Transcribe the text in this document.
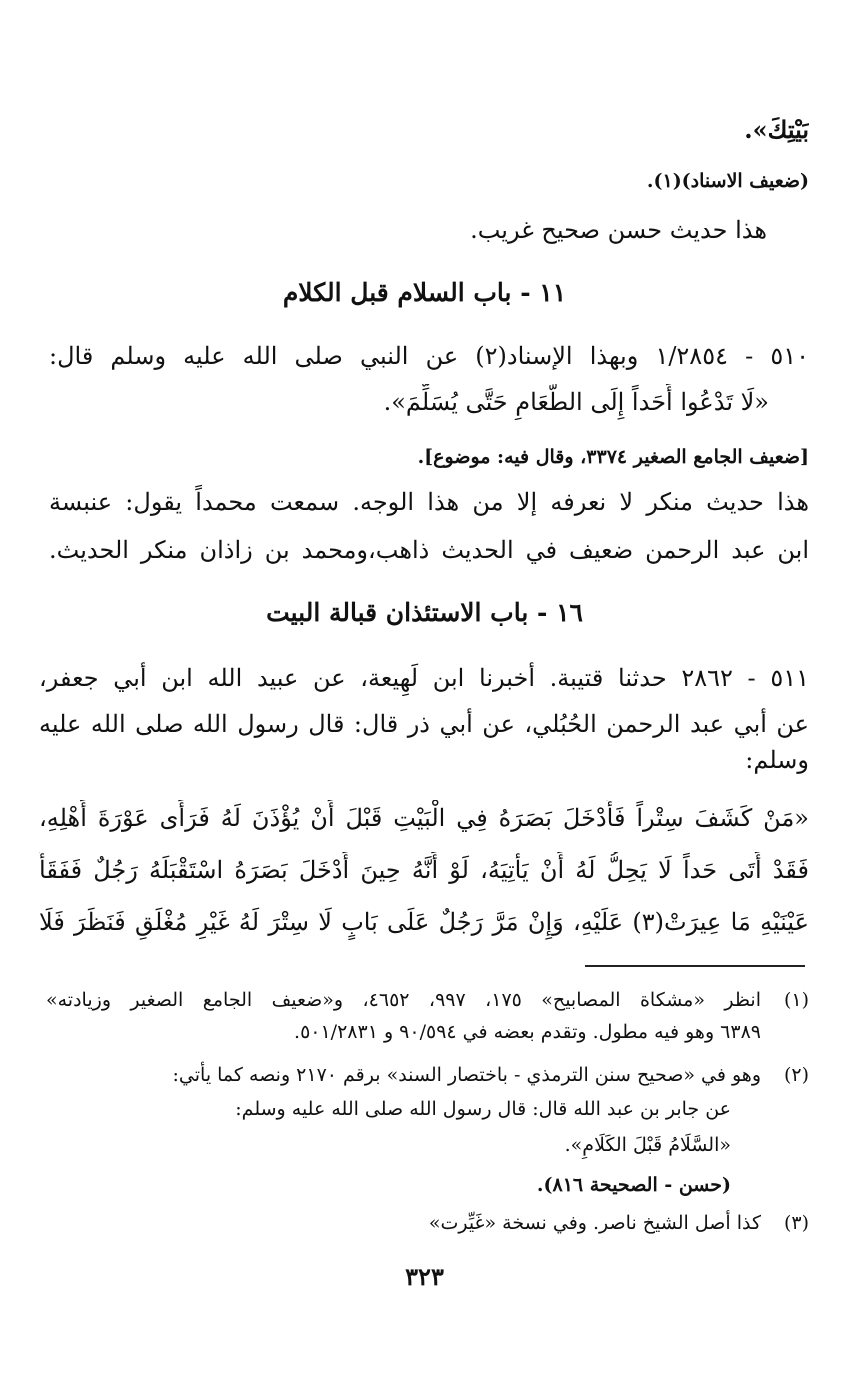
بَيْتِكَ».
(ضعيف الاسناد)(١).
هذا حديث حسن صحيح غريب.
١١ - باب السلام قبل الكلام
٥١٠ - ١/٢٨٥٤ وبهذا الإسناد(٢) عن النبي صلى الله عليه وسلم قال:
«لَا تَدْعُوا أَحَداً إِلَى الطَّعَامِ حَتَّى يُسَلِّمَ».
[ضعيف الجامع الصغير ٣٣٧٤، وقال فيه: موضوع].
هذا حديث منكر لا نعرفه إلا من هذا الوجه. سمعت محمداً يقول: عنبسة
ابن عبد الرحمن ضعيف في الحديث ذاهب،ومحمد بن زاذان منكر الحديث.
١٦ - باب الاستئذان قبالة البيت
٥١١ - ٢٨٦٢ حدثنا قتيبة. أخبرنا ابن لَهِيعة، عن عبيد الله ابن أبي جعفر،
عن أبي عبد الرحمن الحُبُلي، عن أبي ذر قال: قال رسول الله صلى الله عليه
وسلم:
«مَنْ كَشَفَ سِتْراً فَأَدْخَلَ بَصَرَهُ فِي الْبَيْتِ قَبْلَ أَنْ يُؤْذَنَ لَهُ فَرَأَى عَوْرَةَ أَهْلِهِ،
فَقَدْ أَتَى حَداً لَا يَحِلُّ لَهُ أَنْ يَأْتِيَهُ، لَوْ أَنَّهُ حِينَ أَدْخَلَ بَصَرَهُ اسْتَقْبَلَهُ رَجُلٌ فَفَقَأَ
عَيْنَيْهِ مَا عِيرَتْ(٣) عَلَيْهِ، وَإِنْ مَرَّ رَجُلٌ عَلَى بَابٍ لَا سِتْرَ لَهُ غَيْرِ مُغْلَقٍ فَنَظَرَ فَلَا
(١)
انظر «مشكاة المصابيح» ١٧٥، ٩٩٧، ٤٦٥٢، و«ضعيف الجامع الصغير وزيادته»
٦٣٨٩ وهو فيه مطول. وتقدم بعضه في ٩٠/٥٩٤ و ٥٠١/٢٨٣١.
(٢)
وهو في «صحيح سنن الترمذي - باختصار السند» برقم ٢١٧٠ ونصه كما يأتي:
عن جابر بن عبد الله قال: قال رسول الله صلى الله عليه وسلم:
«السَّلَامُ قَبْلَ الكَلَامِ».
(حسن - الصحيحة ٨١٦).
(٣)
كذا أصل الشيخ ناصر. وفي نسخة «غَيِّرت»
٣٢٣
